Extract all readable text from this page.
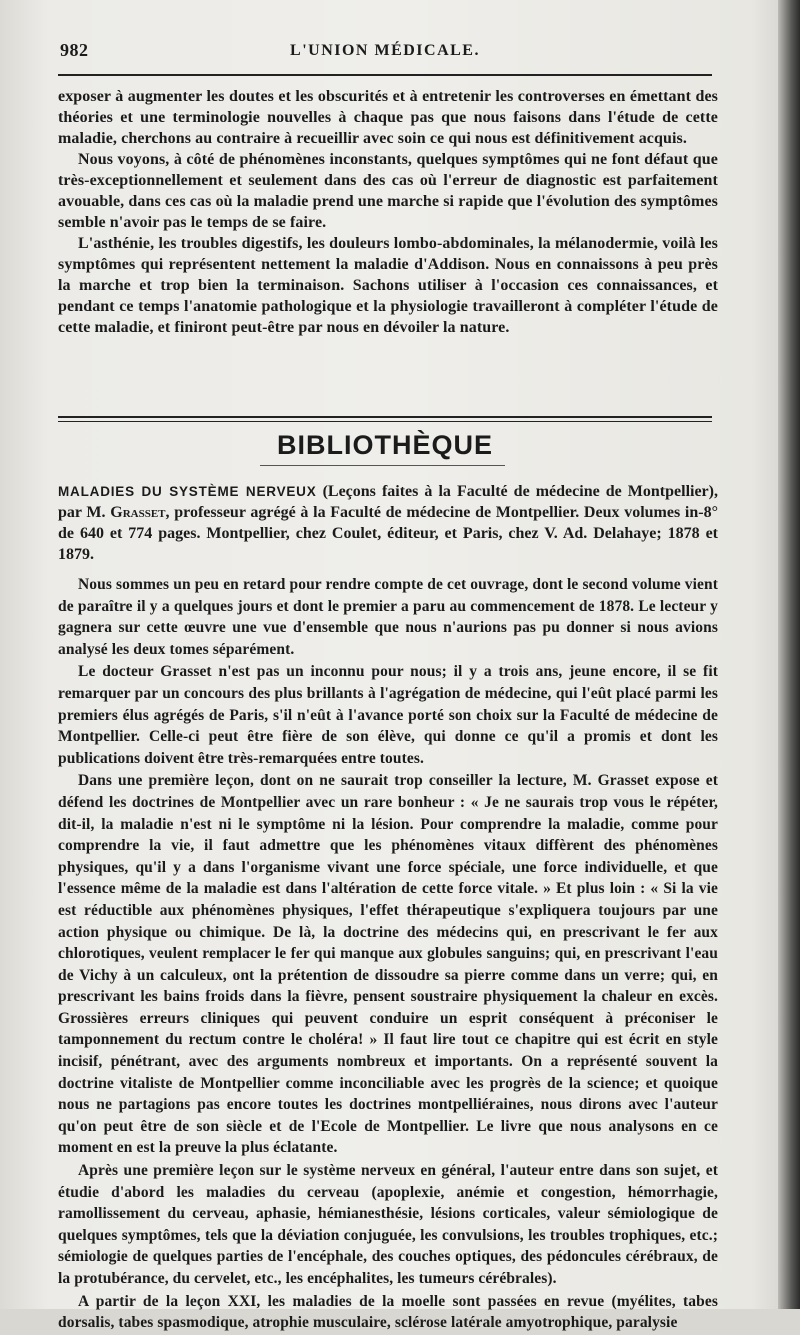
982	L'UNION MÉDICALE.

exposer à augmenter les doutes et les obscurités et à entretenir les controverses en émettant des théories et une terminologie nouvelles à chaque pas que nous faisons dans l'étude de cette maladie, cherchons au contraire à recueillir avec soin ce qui nous est définitivement acquis.

Nous voyons, à côté de phénomènes inconstants, quelques symptômes qui ne font défaut que très-exceptionnellement et seulement dans des cas où l'erreur de diagnostic est parfaitement avouable, dans ces cas où la maladie prend une marche si rapide que l'évolution des symptômes semble n'avoir pas le temps de se faire.

L'asthénie, les troubles digestifs, les douleurs lombo-abdominales, la mélanodermie, voilà les symptômes qui représentent nettement la maladie d'Addison. Nous en connaissons à peu près la marche et trop bien la terminaison. Sachons utiliser à l'occasion ces connaissances, et pendant ce temps l'anatomie pathologique et la physiologie travailleront à compléter l'étude de cette maladie, et finiront peut-être par nous en dévoiler la nature.

BIBLIOTHÈQUE
MALADIES DU SYSTÈME NERVEUX (Leçons faites à la Faculté de médecine de Montpellier), par M. Grasset, professeur agrégé à la Faculté de médecine de Montpellier. Deux volumes in-8° de 640 et 774 pages. Montpellier, chez Coulet, éditeur, et Paris, chez V. Ad. Delahaye; 1878 et 1879.

Nous sommes un peu en retard pour rendre compte de cet ouvrage, dont le second volume vient de paraître il y a quelques jours et dont le premier a paru au commencement de 1878. Le lecteur y gagnera sur cette œuvre une vue d'ensemble que nous n'aurions pas pu donner si nous avions analysé les deux tomes séparément.

Le docteur Grasset n'est pas un inconnu pour nous; il y a trois ans, jeune encore, il se fit remarquer par un concours des plus brillants à l'agrégation de médecine, qui l'eût placé parmi les premiers élus agrégés de Paris, s'il n'eût à l'avance porté son choix sur la Faculté de médecine de Montpellier. Celle-ci peut être fière de son élève, qui donne ce qu'il a promis et dont les publications doivent être très-remarquées entre toutes.

Dans une première leçon, dont on ne saurait trop conseiller la lecture, M. Grasset expose et défend les doctrines de Montpellier avec un rare bonheur : « Je ne saurais trop vous le répéter, dit-il, la maladie n'est ni le symptôme ni la lésion. Pour comprendre la maladie, comme pour comprendre la vie, il faut admettre que les phénomènes vitaux diffèrent des phénomènes physiques, qu'il y a dans l'organisme vivant une force spéciale, une force individuelle, et que l'essence même de la maladie est dans l'altération de cette force vitale. » Et plus loin : « Si la vie est réductible aux phénomènes physiques, l'effet thérapeutique s'expliquera toujours par une action physique ou chimique. De là, la doctrine des médecins qui, en prescrivant le fer aux chlorotiques, veulent remplacer le fer qui manque aux globules sanguins; qui, en prescrivant l'eau de Vichy à un calculeux, ont la prétention de dissoudre sa pierre comme dans un verre; qui, en prescrivant les bains froids dans la fièvre, pensent soustraire physiquement la chaleur en excès. Grossières erreurs cliniques qui peuvent conduire un esprit conséquent à préconiser le tamponnement du rectum contre le choléra! » Il faut lire tout ce chapitre qui est écrit en style incisif, pénétrant, avec des arguments nombreux et importants. On a représenté souvent la doctrine vitaliste de Montpellier comme inconciliable avec les progrès de la science; et quoique nous ne partagions pas encore toutes les doctrines montpelliéraines, nous dirons avec l'auteur qu'on peut être de son siècle et de l'Ecole de Montpellier. Le livre que nous analysons en ce moment en est la preuve la plus éclatante.

Après une première leçon sur le système nerveux en général, l'auteur entre dans son sujet, et étudie d'abord les maladies du cerveau (apoplexie, anémie et congestion, hémorrhagie, ramollissement du cerveau, aphasie, hémianesthésie, lésions corticales, valeur sémiologique de quelques symptômes, tels que la déviation conjuguée, les convulsions, les troubles trophiques, etc.; sémiologie de quelques parties de l'encéphale, des couches optiques, des pédoncules cérébraux, de la protubérance, du cervelet, etc., les encéphalites, les tumeurs cérébrales).

A partir de la leçon XXI, les maladies de la moelle sont passées en revue (myélites, tabes dorsalis, tabes spasmodique, atrophie musculaire, sclérose latérale amyotrophique, paralysie
